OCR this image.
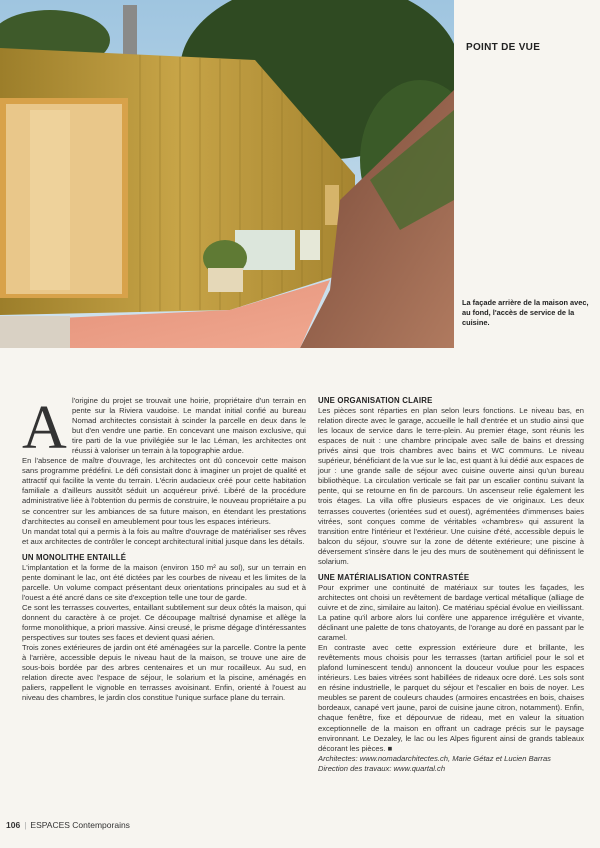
POINT DE VUE
La façade arrière de la maison avec, au fond, l'accès de service de la cuisine.
A l'origine du projet se trouvait une hoirie, propriétaire d'un terrain en pente sur la Riviera vaudoise. Le mandat initial confié au bureau Nomad architectes consistait à scinder la parcelle en deux dans le but d'en vendre une partie. En concevant une maison exclusive, qui tire parti de la vue privilégiée sur le lac Léman, les architectes ont réussi à valoriser un terrain à la topographie ardue.

En l'absence de maître d'ouvrage, les architectes ont dû concevoir cette maison sans programme prédéfini. Le défi consistait donc à imaginer un projet de qualité et attractif qui facilite la vente du terrain. L'écrin audacieux créé pour cette habitation familiale a d'ailleurs aussitôt séduit un acquéreur privé. Libéré de la procédure administrative liée à l'obtention du permis de construire, le nouveau propriétaire a pu se concentrer sur les ambiances de sa future maison, en étendant les prestations d'architectes au conseil en ameublement pour tous les espaces intérieurs.

Un mandat total qui a permis à la fois au maître d'ouvrage de matérialiser ses rêves et aux architectes de contrôler le concept architectural initial jusque dans les détails.

UN MONOLITHE ENTAILLÉ

L'implantation et la forme de la maison (environ 150 m² au sol), sur un terrain en pente dominant le lac, ont été dictées par les courbes de niveau et les limites de la parcelle. Un volume compact présentant deux orientations principales au sud et à l'ouest a été ancré dans ce site d'exception telle une tour de garde.

Ce sont les terrasses couvertes, entaillant subtilement sur deux côtés la maison, qui donnent du caractère à ce projet. Ce découpage maîtrisé dynamise et allège la forme monolithique, a priori massive. Ainsi creusé, le prisme dégage d'intéressantes perspectives sur toutes ses faces et devient quasi aérien.

Trois zones extérieures de jardin ont été aménagées sur la parcelle. Contre la pente à l'arrière, accessible depuis le niveau haut de la maison, se trouve une aire de sous-bois bordée par des arbres centenaires et un mur rocailleux. Au sud, en relation directe avec l'espace de séjour, le solarium et la piscine, aménagés en paliers, rappellent le vignoble en terrasses avoisinant. Enfin, orienté à l'ouest au niveau des chambres, le jardin clos constitue l'unique surface plane du terrain.

UNE ORGANISATION CLAIRE

Les pièces sont réparties en plan selon leurs fonctions. Le niveau bas, en relation directe avec le garage, accueille le hall d'entrée et un studio ainsi que les locaux de service dans le terre-plein. Au premier étage, sont réunis les espaces de nuit : une chambre principale avec salle de bains et dressing privés ainsi que trois chambres avec bains et WC communs. Le niveau supérieur, bénéficiant de la vue sur le lac, est quant à lui dédié aux espaces de jour : une grande salle de séjour avec cuisine ouverte ainsi qu'un bureau bibliothèque. La circulation verticale se fait par un escalier continu suivant la pente, qui se retourne en fin de parcours. Un ascenseur relie également les trois étages. La villa offre plusieurs espaces de vie originaux. Les deux terrasses couvertes (orientées sud et ouest), agrémentées d'immenses baies vitrées, sont conçues comme de véritables «chambres» qui assurent la transition entre l'intérieur et l'extérieur. Une cuisine d'été, accessible depuis le balcon du séjour, s'ouvre sur la zone de détente extérieure; une piscine à déversement s'insère dans le jeu des murs de soutènement qui définissent le solarium.

UNE MATÉRIALISATION CONTRASTÉE

Pour exprimer une continuité de matériaux sur toutes les façades, les architectes ont choisi un revêtement de bardage vertical métallique (alliage de cuivre et de zinc, similaire au laiton). Ce matériau spécial évolue en vieillissant. La patine qu'il arbore alors lui confère une apparence irrégulière et vivante, déclinant une palette de tons chatoyants, de l'orange au doré en passant par le caramel.

En contraste avec cette expression extérieure dure et brillante, les revêtements mous choisis pour les terrasses (tartan artificiel pour le sol et plafond luminescent tendu) annoncent la douceur voulue pour les espaces intérieurs. Les baies vitrées sont habillées de rideaux ocre doré. Les sols sont en résine industrielle, le parquet du séjour et l'escalier en bois de noyer. Les meubles se parent de couleurs chaudes (armoires encastrées en bois, chaises bordeaux, canapé vert jaune, paroi de cuisine jaune citron, notamment). Enfin, chaque fenêtre, fixe et dépourvue de rideau, met en valeur la situation exceptionnelle de la maison en offrant un cadrage précis sur le paysage environnant. Le Dezaley, le lac ou les Alpes figurent ainsi de grands tableaux décorant les pièces. ■

Architectes: www.nomadarchitectes.ch, Marie Gétaz et Lucien Barras

Direction des travaux: www.quartal.ch

106 | ESPACES Contemporains
